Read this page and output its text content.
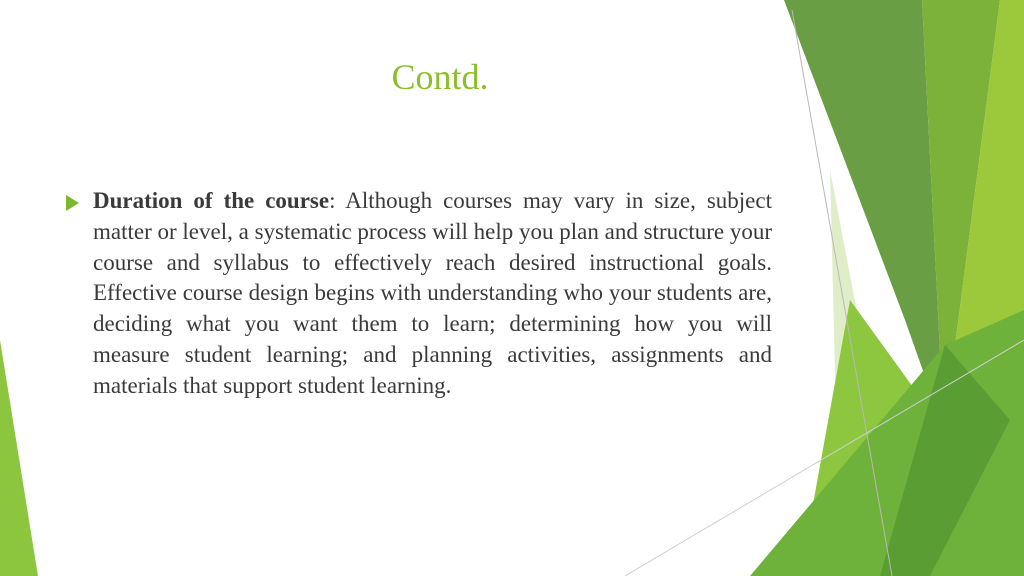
Contd.

Duration of the course: Although courses may vary in size, subject matter or level, a systematic process will help you plan and structure your course and syllabus to effectively reach desired instructional goals.      Effective course design begins with understanding who your students are, deciding what you want them to learn; determining how you will measure student learning; and planning activities, assignments and materials that support student learning.
